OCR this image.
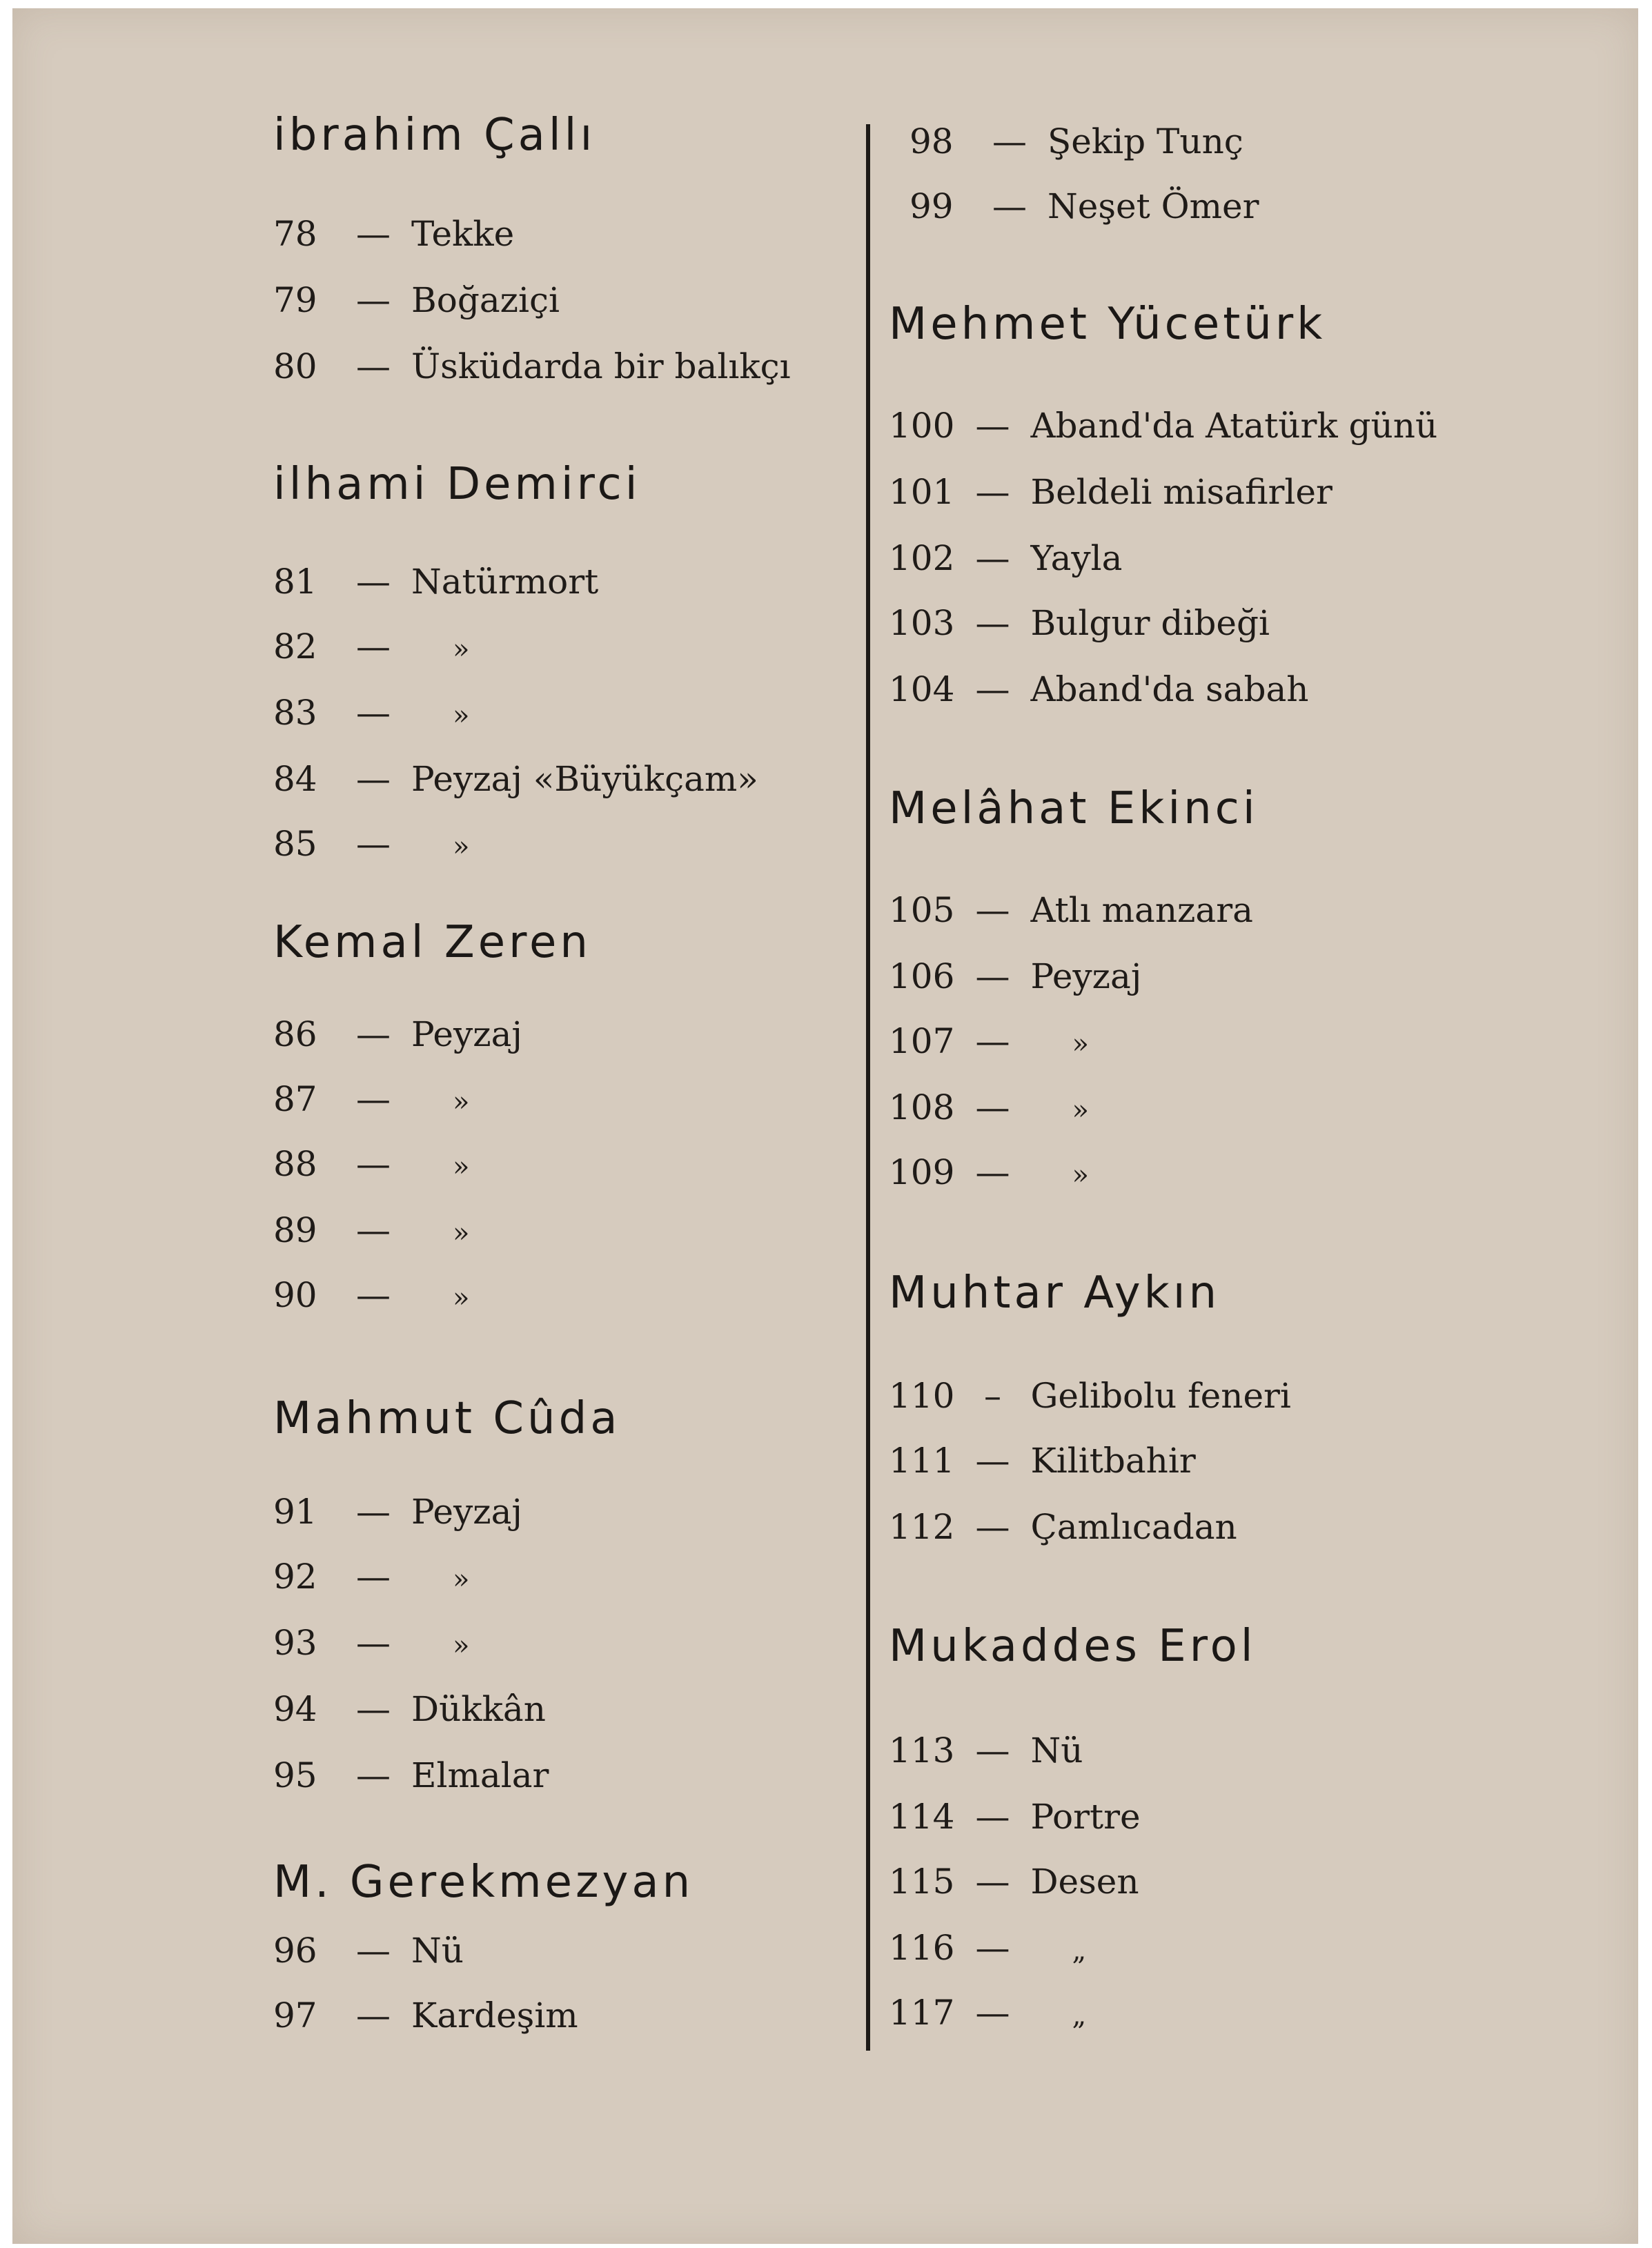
ibrahim Çallı
78 — Tekke
79 — Boğaziçi
80 — Üsküdarda bir balıkçı
ilhami Demirci
81 — Natürmort
82 — »
83 — »
84 — Peyzaj «Büyükçam»
85 — »
Kemal Zeren
86 — Peyzaj
87 — »
88 — »
89 — »
90 — »
Mahmut Cûda
91 — Peyzaj
92 — »
93 — »
94 — Dükkân
95 — Elmalar
M. Gerekmezyan
96 — Nü
97 — Kardeşim
98 — Şekip Tunç
99 — Neşet Ömer
Mehmet Yücetürk
100 — Aband'da Atatürk günü
101 — Beldeli misafirler
102 — Yayla
103 — Bulgur dibeği
104 — Aband'da sabah
Melâhat Ekinci
105 — Atlı manzara
106 — Peyzaj
107 — »
108 — »
109 — »
Muhtar Aykın
110 – Gelibolu feneri
111 — Kilitbahir
112 — Çamlıcadan
Mukaddes Erol
113 — Nü
114 — Portre
115 — Desen
116 — „
117 — „
